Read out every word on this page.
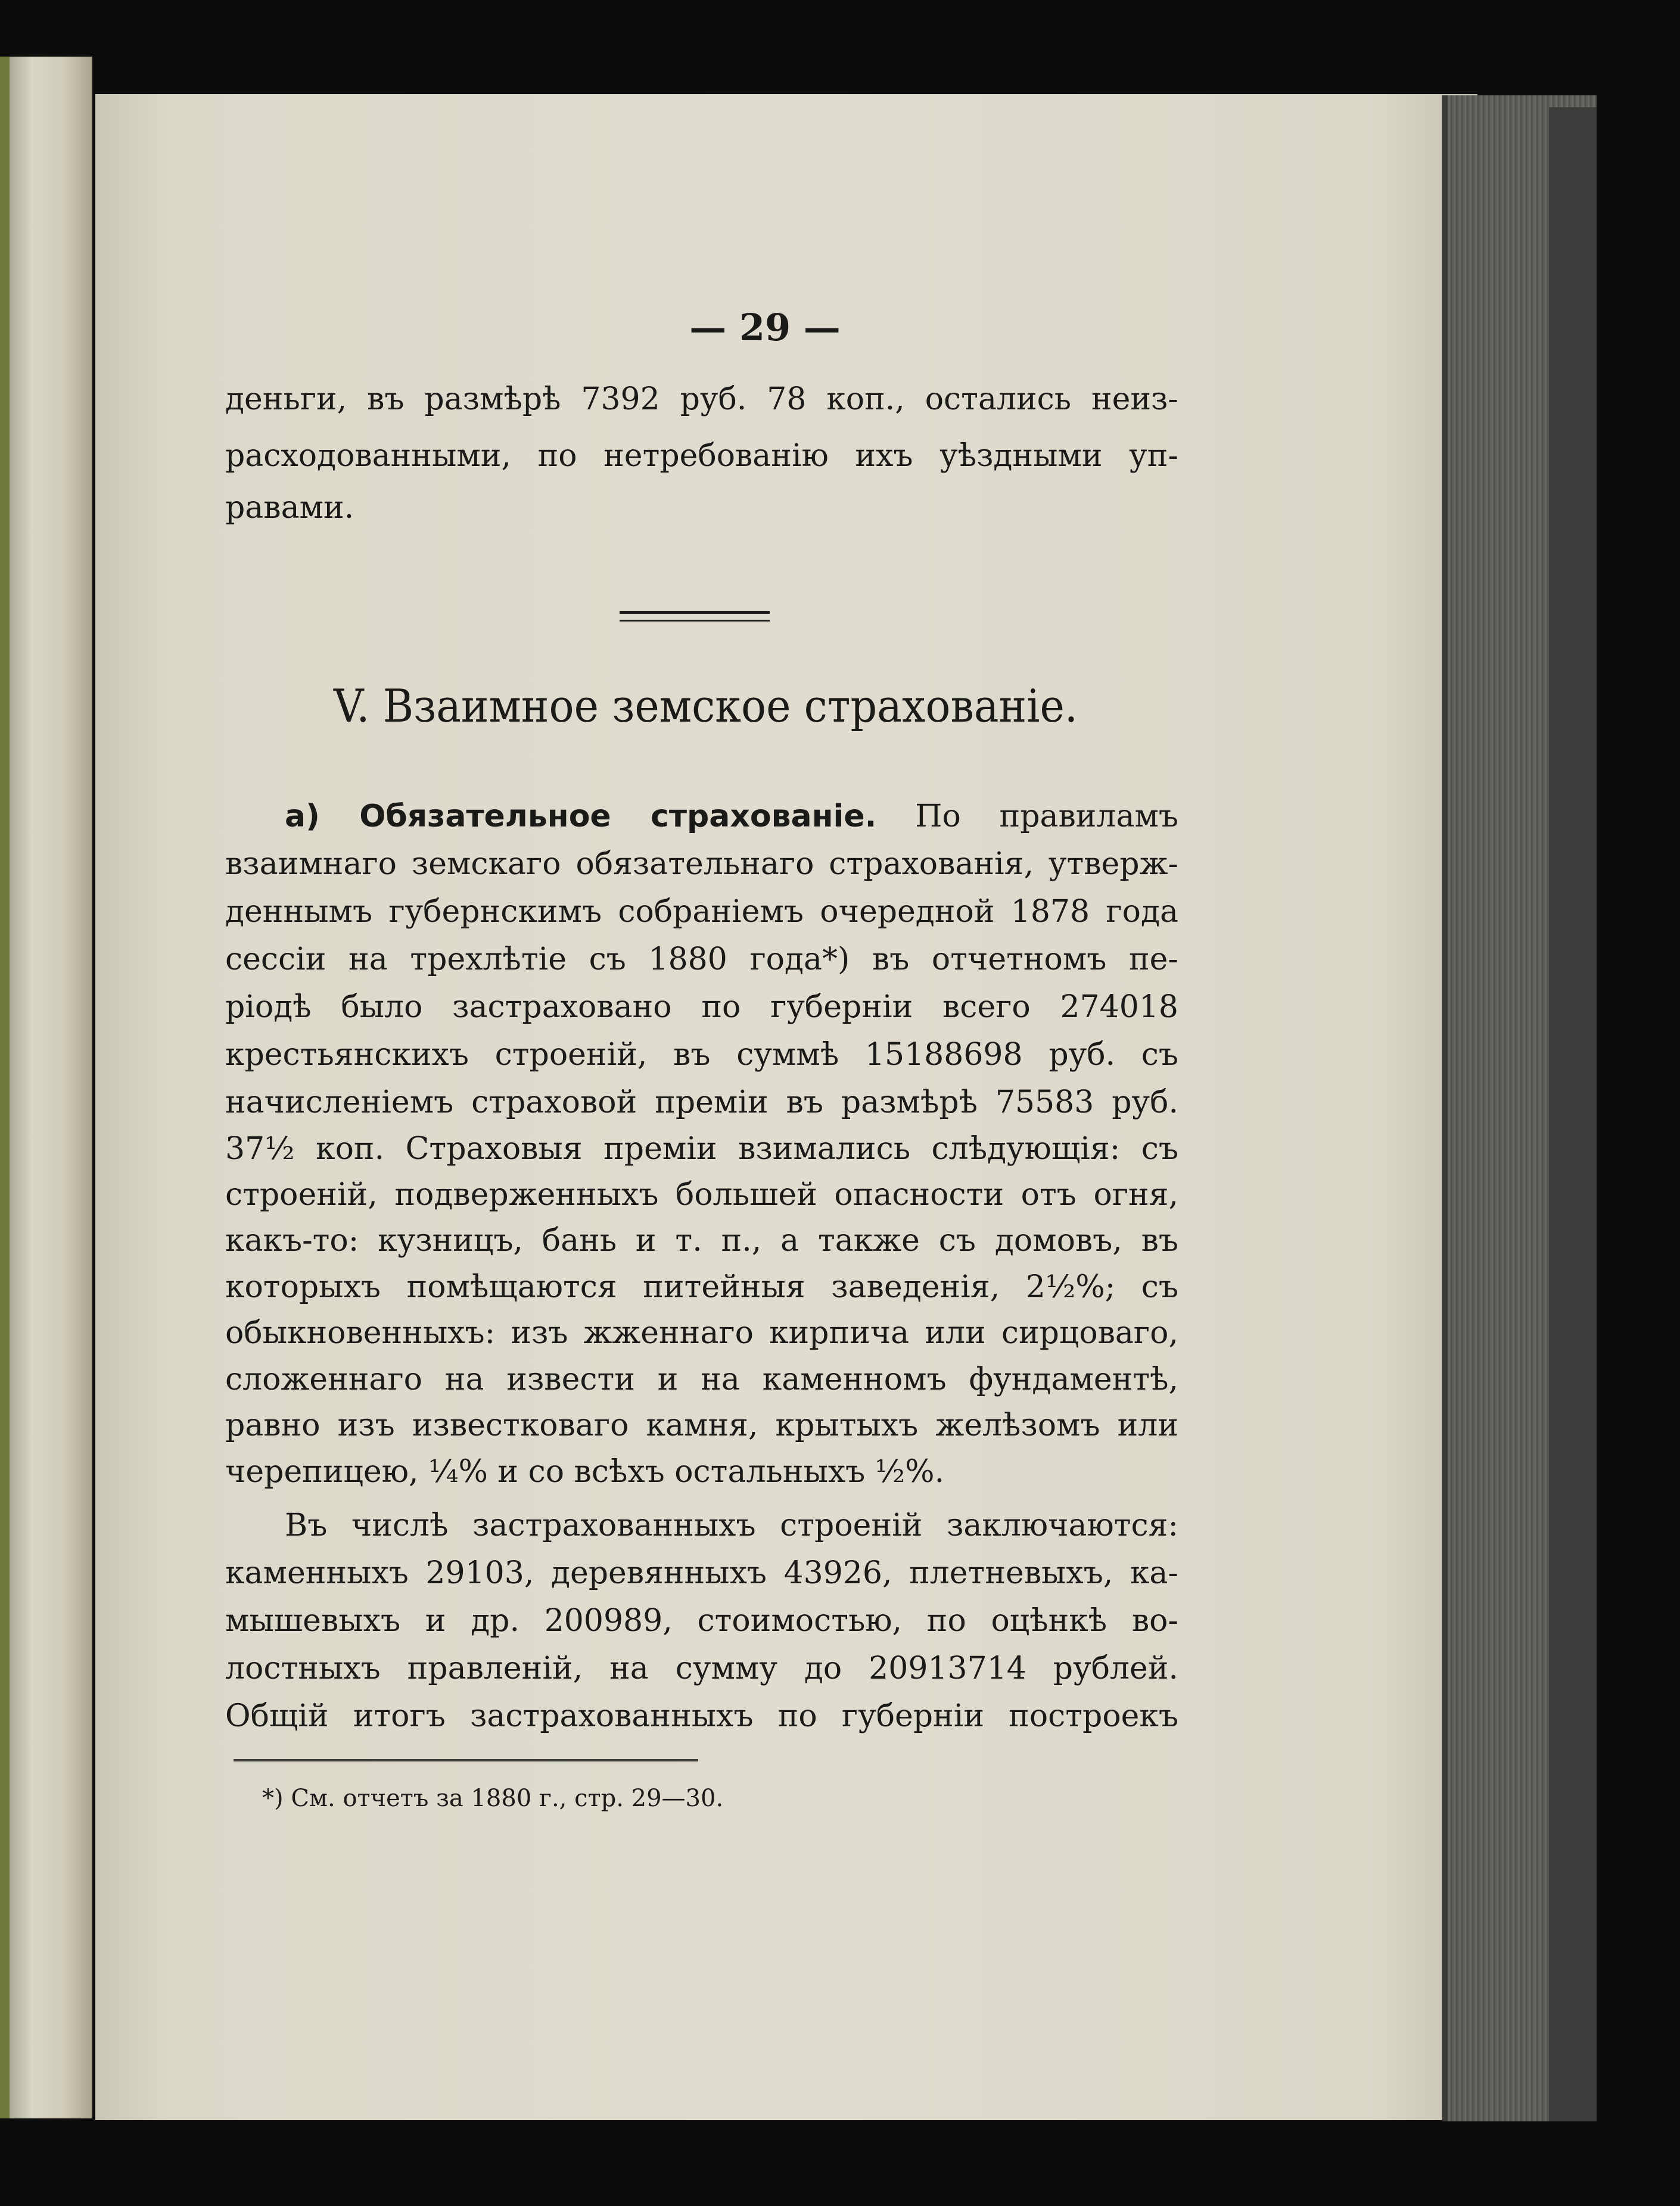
— 29 —
деньги, въ размѣрѣ 7392 руб. 78 коп., остались неиз-
расходованными, по нетребованію ихъ уѣздными уп-
равами.
V. Взаимное земское страхованіе.
а) Обязательное страхованіе. По правиламъ
взаимнаго земскаго обязательнаго страхованія, утверж-
деннымъ губернскимъ собраніемъ очередной 1878 года
сессіи на трехлѣтіе съ 1880 года*) въ отчетномъ пе-
ріодѣ было застраховано по губерніи всего 274018
крестьянскихъ строеній, въ суммѣ 15188698 руб. съ
начисленіемъ страховой преміи въ размѣрѣ 75583 руб.
37½ коп. Страховыя преміи взимались слѣдующія: съ
строеній, подверженныхъ большей опасности отъ огня,
какъ-то: кузницъ, бань и т. п., а также съ домовъ, въ
которыхъ помѣщаются питейныя заведенія, 2½%; съ
обыкновенныхъ: изъ жженнаго кирпича или сирцоваго,
сложеннаго на извести и на каменномъ фундаментѣ,
равно изъ известковаго камня, крытыхъ желѣзомъ или
черепицею, ¼% и со всѣхъ остальныхъ ½%.
Въ числѣ застрахованныхъ строеній заключаются:
каменныхъ 29103, деревянныхъ 43926, плетневыхъ, ка-
мышевыхъ и др. 200989, стоимостью, по оцѣнкѣ во-
лостныхъ правленій, на сумму до 20913714 рублей.
Общій итогъ застрахованныхъ по губерніи построекъ
*) См. отчетъ за 1880 г., стр. 29—30.
